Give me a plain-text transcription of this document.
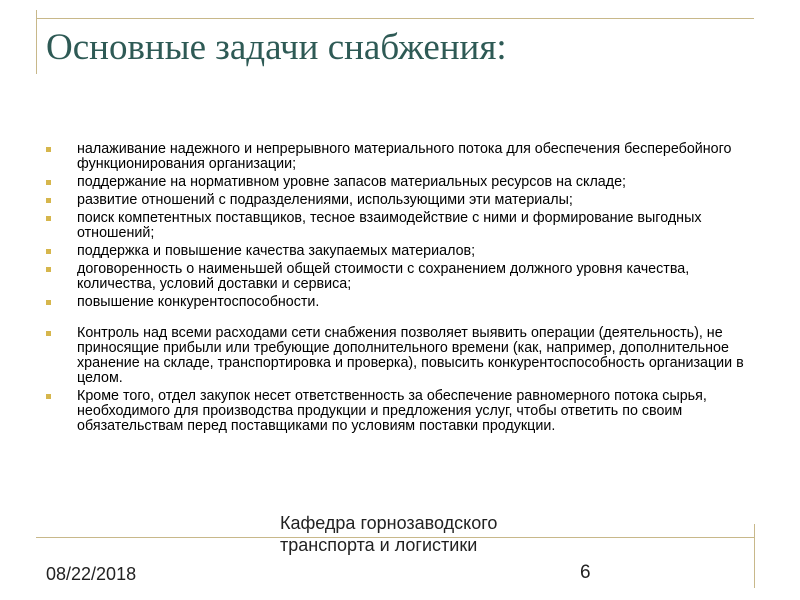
Основные задачи снабжения:
налаживание надежного и непрерывного материального потока для обеспечения бесперебойного функционирования организации;
поддержание на нормативном уровне запасов материальных ресурсов на складе;
развитие отношений с подразделениями, использующими эти материалы;
поиск компетентных поставщиков, тесное взаимодействие с ними и формирование выгодных отношений;
поддержка и повышение качества закупаемых материалов;
договоренность о наименьшей общей стоимости с сохранением должного уровня качества, количества, условий доставки и сервиса;
повышение конкурентоспособности.
Контроль над всеми расходами сети снабжения позволяет выявить операции (деятельность), не приносящие прибыли или требующие дополнительного времени (как, например, дополнительное хранение на складе, транспортировка и проверка), повысить конкурентоспособность организации в целом.
Кроме того, отдел закупок несет ответственность за обеспечение равномерного потока сырья, необходимого для производства продукции и предложения услуг, чтобы ответить по своим обязательствам перед поставщиками по условиям поставки продукции.
08/22/2018
Кафедра горнозаводского транспорта и логистики
6
